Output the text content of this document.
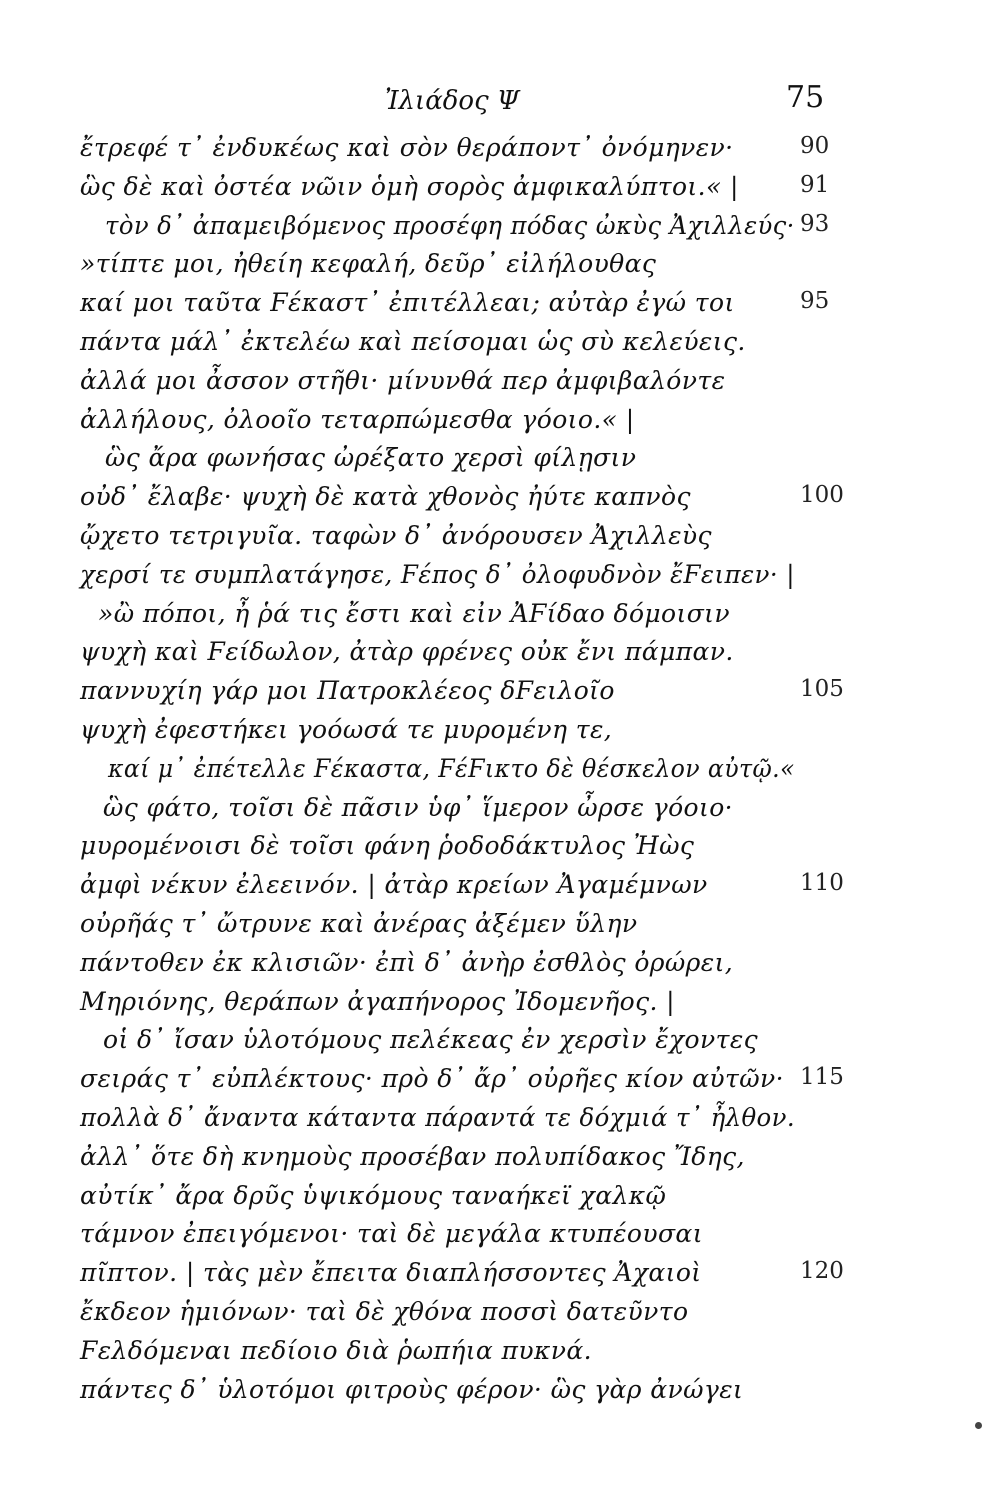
Ἰλιάδος Ψ	75
ἔτρεφέ τ᾽ ἐνδυκέως καὶ σὸν θεράποντ᾽ ὀνόμηνεν·	90
ὣς δὲ καὶ ὀστέα νῶιν ὁμὴ σορὸς ἀμφικαλύπτοι.« |	91
τὸν δ᾽ ἀπαμειβόμενος προσέφη πόδας ὠκὺς Ἀχιλλεύς· 93
»τίπτε μοι, ἠθείη κεφαλή, δεῦρ᾽ εἰλήλουθας
καί μοι ταῦτα Ϝέκαστ᾽ ἐπιτέλλεαι; αὐτὰρ ἐγώ τοι	95
πάντα μάλ᾽ ἐκτελέω καὶ πείσομαι ὡς σὺ κελεύεις.
ἀλλά μοι ἆσσον στῆθι· μίνυνθά περ ἀμφιβαλόντε
ἀλλήλους, ὀλοοῖο τεταρπώμεσθα γόοιο.« |
ὣς ἄρα φωνήσας ὠρέξατο χερσὶ φίλῃσιν
οὐδ᾽ ἔλαβε· ψυχὴ δὲ κατὰ χθονὸς ἠύτε καπνὸς	100
ᾤχετο τετριγυῖα. ταφὼν δ᾽ ἀνόρουσεν Ἀχιλλεὺς
χερσί τε συμπλατάγησε, Ϝέπος δ᾽ ὀλοφυδνὸν ἔϜειπεν· |
»ὢ πόποι, ἦ ῥά τις ἔστι καὶ εἰν ἈϜίδαο δόμοισιν
ψυχὴ καὶ Ϝείδωλον, ἀτὰρ φρένες οὐκ ἔνι πάμπαν.
παννυχίη γάρ μοι Πατροκλέεος δϜειλοῖο	105
ψυχὴ ἐφεστήκει γοόωσά τε μυρομένη τε,
καί μ᾽ ἐπέτελλε Ϝέκαστα, ϜέϜικτο δὲ θέσκελον αὐτῷ.«
ὣς φάτο, τοῖσι δὲ πᾶσιν ὑφ᾽ ἵμερον ὦρσε γόοιο·
μυρομένοισι δὲ τοῖσι φάνη ῥοδοδάκτυλος Ἠὼς
ἀμφὶ νέκυν ἐλεεινόν. | ἀτὰρ κρείων Ἀγαμέμνων	110
οὐρῆάς τ᾽ ὤτρυνε καὶ ἀνέρας ἀξέμεν ὕλην
πάντοθεν ἐκ κλισιῶν· ἐπὶ δ᾽ ἀνὴρ ἐσθλὸς ὀρώρει,
Μηριόνης, θεράπων ἀγαπήνορος Ἰδομενῆος. |
οἱ δ᾽ ἴσαν ὑλοτόμους πελέκεας ἐν χερσὶν ἔχοντες
σειράς τ᾽ εὐπλέκτους· πρὸ δ᾽ ἄρ᾽ οὐρῆες κίον αὐτῶν· 115
πολλὰ δ᾽ ἄναντα κάταντα πάραντά τε δόχμιά τ᾽ ἦλθον.
ἀλλ᾽ ὅτε δὴ κνημοὺς προσέβαν πολυπίδακος Ἴδης,
αὐτίκ᾽ ἄρα δρῦς ὑψικόμους ταναήκεϊ χαλκῷ
τάμνον ἐπειγόμενοι· ταὶ δὲ μεγάλα κτυπέουσαι
πῖπτον. | τὰς μὲν ἔπειτα διαπλήσσοντες Ἀχαιοὶ	120
ἔκδεον ἡμιόνων· ταὶ δὲ χθόνα ποσσὶ δατεῦντο
Ϝελδόμεναι πεδίοιο διὰ ῥωπήια πυκνά.
πάντες δ᾽ ὑλοτόμοι φιτροὺς φέρον· ὣς γὰρ ἀνώγει
